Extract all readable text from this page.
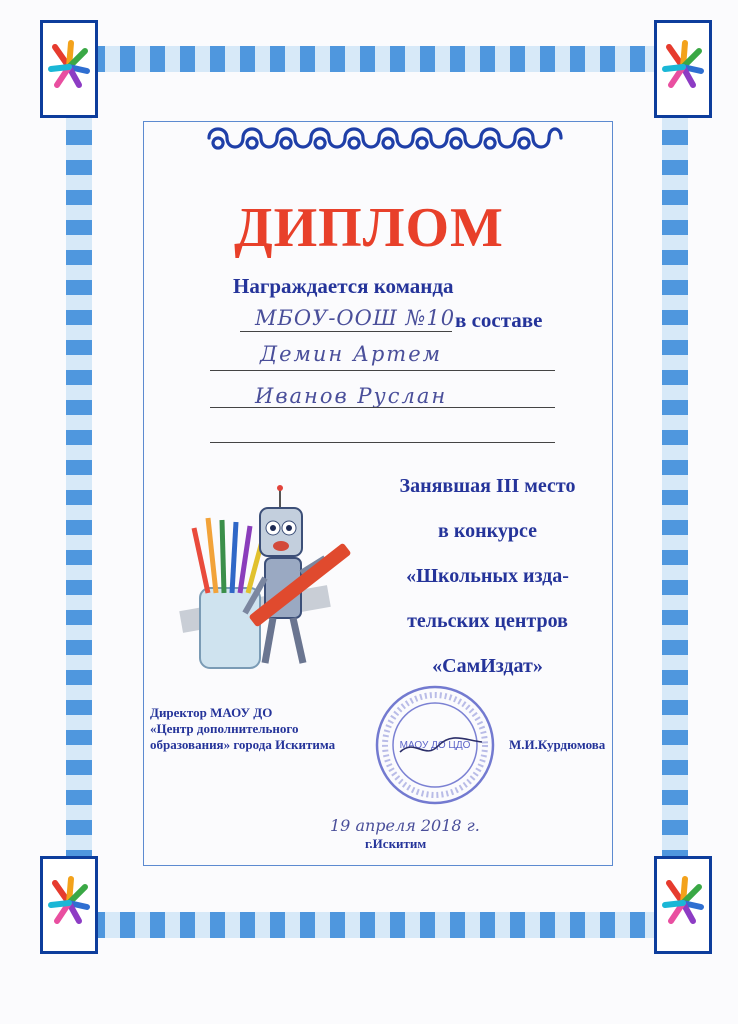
ДИПЛОМ
Награждается команда
МБОУ-ООШ №10 в составе
Демин Артем
Иванов Руслан
Занявшая III место
в конкурсе
«Школьных изда-
тельских центров
«СамИздат»
Директор МАОУ ДО
«Центр дополнительного
образования» города Искитима	МАОУ ДО ЦДО	М.И.Курдюмова
19 апреля 2018 г.
г.Искитим
